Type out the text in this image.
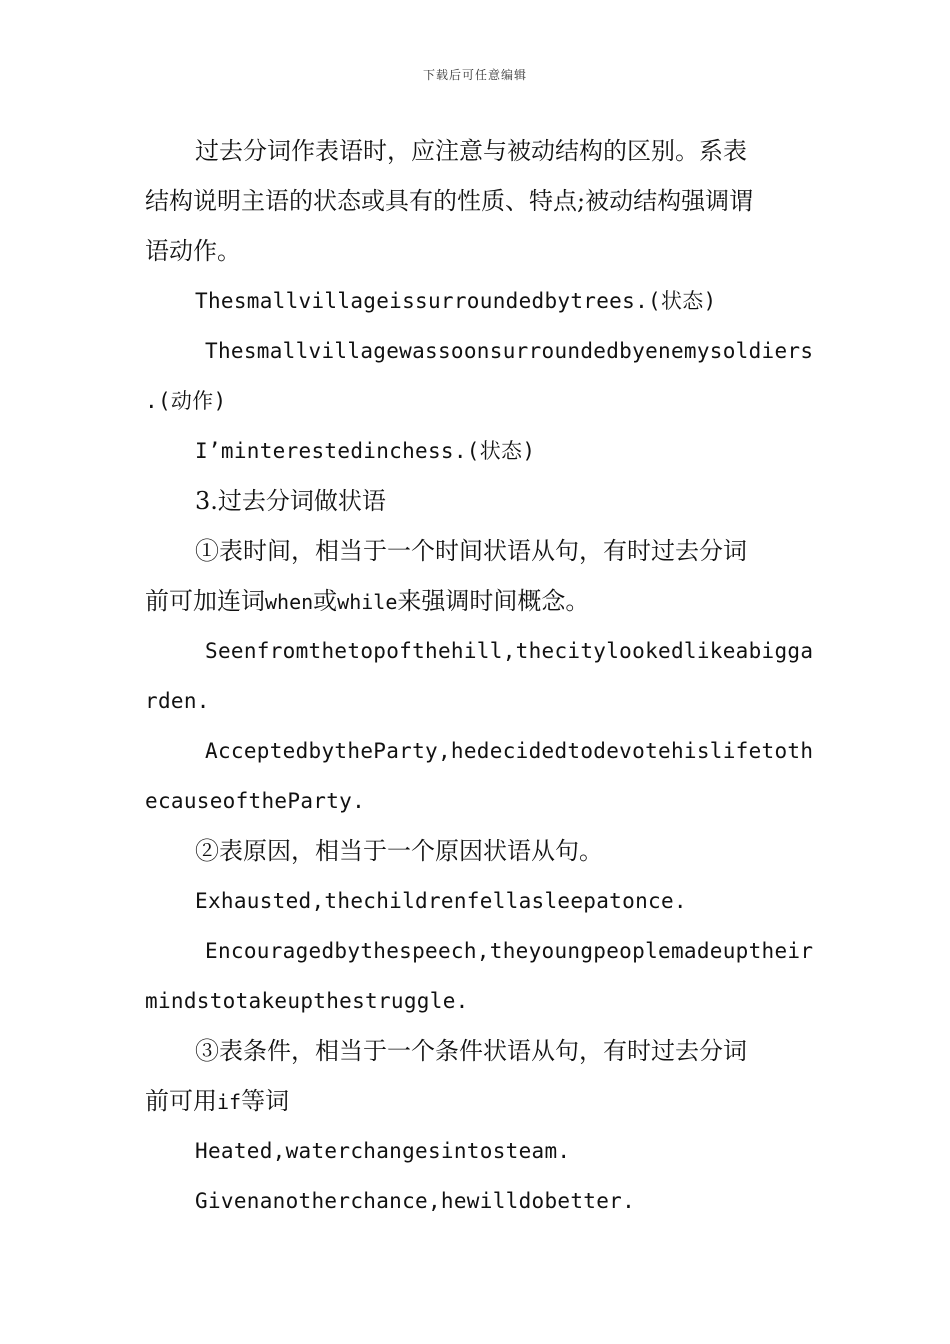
下载后可任意编辑
过去分词作表语时，应注意与被动结构的区别。系表
结构说明主语的状态或具有的性质、特点;被动结构强调谓
语动作。
Thesmallvillageissurroundedbytrees.(状态)
Thesmallvillagewassoonsurroundedbyenemysoldiers
.(动作)
I’minterestedinchess.(状态)
3.过去分词做状语
①表时间，相当于一个时间状语从句，有时过去分词
前可加连词when或while来强调时间概念。
Seenfromthetopofthehill,thecitylookedlikeabigga
rden.
AcceptedbytheParty,hedecidedtodevotehislifetoth
ecauseoftheParty.
②表原因，相当于一个原因状语从句。
Exhausted,thechildrenfellasleepatonce.
Encouragedbythespeech,theyoungpeoplemadeuptheir
mindstotakeupthestruggle.
③表条件，相当于一个条件状语从句，有时过去分词
前可用if等词
Heated,waterchangesintosteam.
Givenanotherchance,hewilldobetter.
